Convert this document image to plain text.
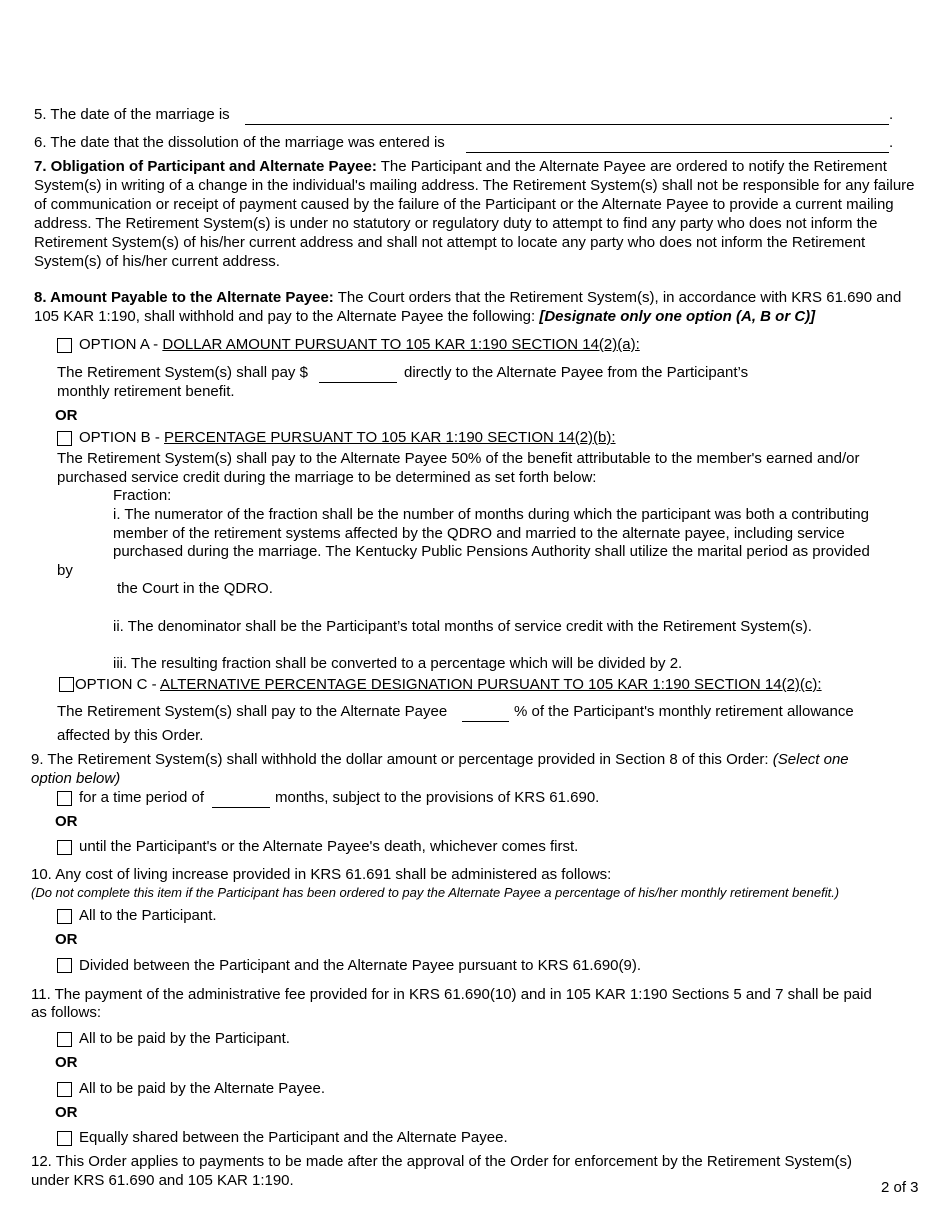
5. The date of the marriage is	.
6. The date that the dissolution of the marriage was entered is	.
7. Obligation of Participant and Alternate Payee: The Participant and the Alternate Payee are ordered to notify the Retirement System(s) in writing of a change in the individual's mailing address. The Retirement System(s) shall not be responsible for any failure of communication or receipt of payment caused by the failure of the Participant or the Alternate Payee to provide a current mailing address. The Retirement System(s) is under no statutory or regulatory duty to attempt to find any party who does not inform the Retirement System(s) of his/her current address and shall not attempt to locate any party who does not inform the Retirement System(s) of his/her current address.
8. Amount Payable to the Alternate Payee: The Court orders that the Retirement System(s), in accordance with KRS 61.690 and 105 KAR 1:190, shall withhold and pay to the Alternate Payee the following: [Designate only one option (A, B or C)]
OPTION A - DOLLAR AMOUNT PURSUANT TO 105 KAR 1:190 SECTION 14(2)(a):
The Retirement System(s) shall pay $	directly to the Alternate Payee from the Participant’s
monthly retirement benefit.
OR
OPTION B - PERCENTAGE PURSUANT TO 105 KAR 1:190 SECTION 14(2)(b):
The Retirement System(s) shall pay to the Alternate Payee 50% of the benefit attributable to the member's earned and/or
purchased service credit during the marriage to be determined as set forth below:
Fraction:
i. The numerator of the fraction shall be the number of months during which the participant was both a contributing
member of the retirement systems affected by the QDRO and married to the alternate payee, including service
purchased during the marriage. The Kentucky Public Pensions Authority shall utilize the marital period as provided
by
the Court in the QDRO.
ii. The denominator shall be the Participant’s total months of service credit with the Retirement System(s).
iii. The resulting fraction shall be converted to a percentage which will be divided by 2.
OPTION C - ALTERNATIVE PERCENTAGE DESIGNATION PURSUANT TO 105 KAR 1:190 SECTION 14(2)(c):
The Retirement System(s) shall pay to the Alternate Payee	% of the Participant's monthly retirement allowance
affected by this Order.
9. The Retirement System(s) shall withhold the dollar amount or percentage provided in Section 8 of this Order: (Select one
option below)
for a time period of	months, subject to the provisions of KRS 61.690.
OR
until the Participant's or the Alternate Payee's death, whichever comes first.
10. Any cost of living increase provided in KRS 61.691 shall be administered as follows:
(Do not complete this item if the Participant has been ordered to pay the Alternate Payee a percentage of his/her monthly retirement benefit.)
All to the Participant.
OR
Divided between the Participant and the Alternate Payee pursuant to KRS 61.690(9).
11. The payment of the administrative fee provided for in KRS 61.690(10) and in 105 KAR 1:190 Sections 5 and 7 shall be paid
as follows:
All to be paid by the Participant.
OR
All to be paid by the Alternate Payee.
OR
Equally shared between the Participant and the Alternate Payee.
12. This Order applies to payments to be made after the approval of the Order for enforcement by the Retirement System(s)
under KRS 61.690 and 105 KAR 1:190.	2 of 3
